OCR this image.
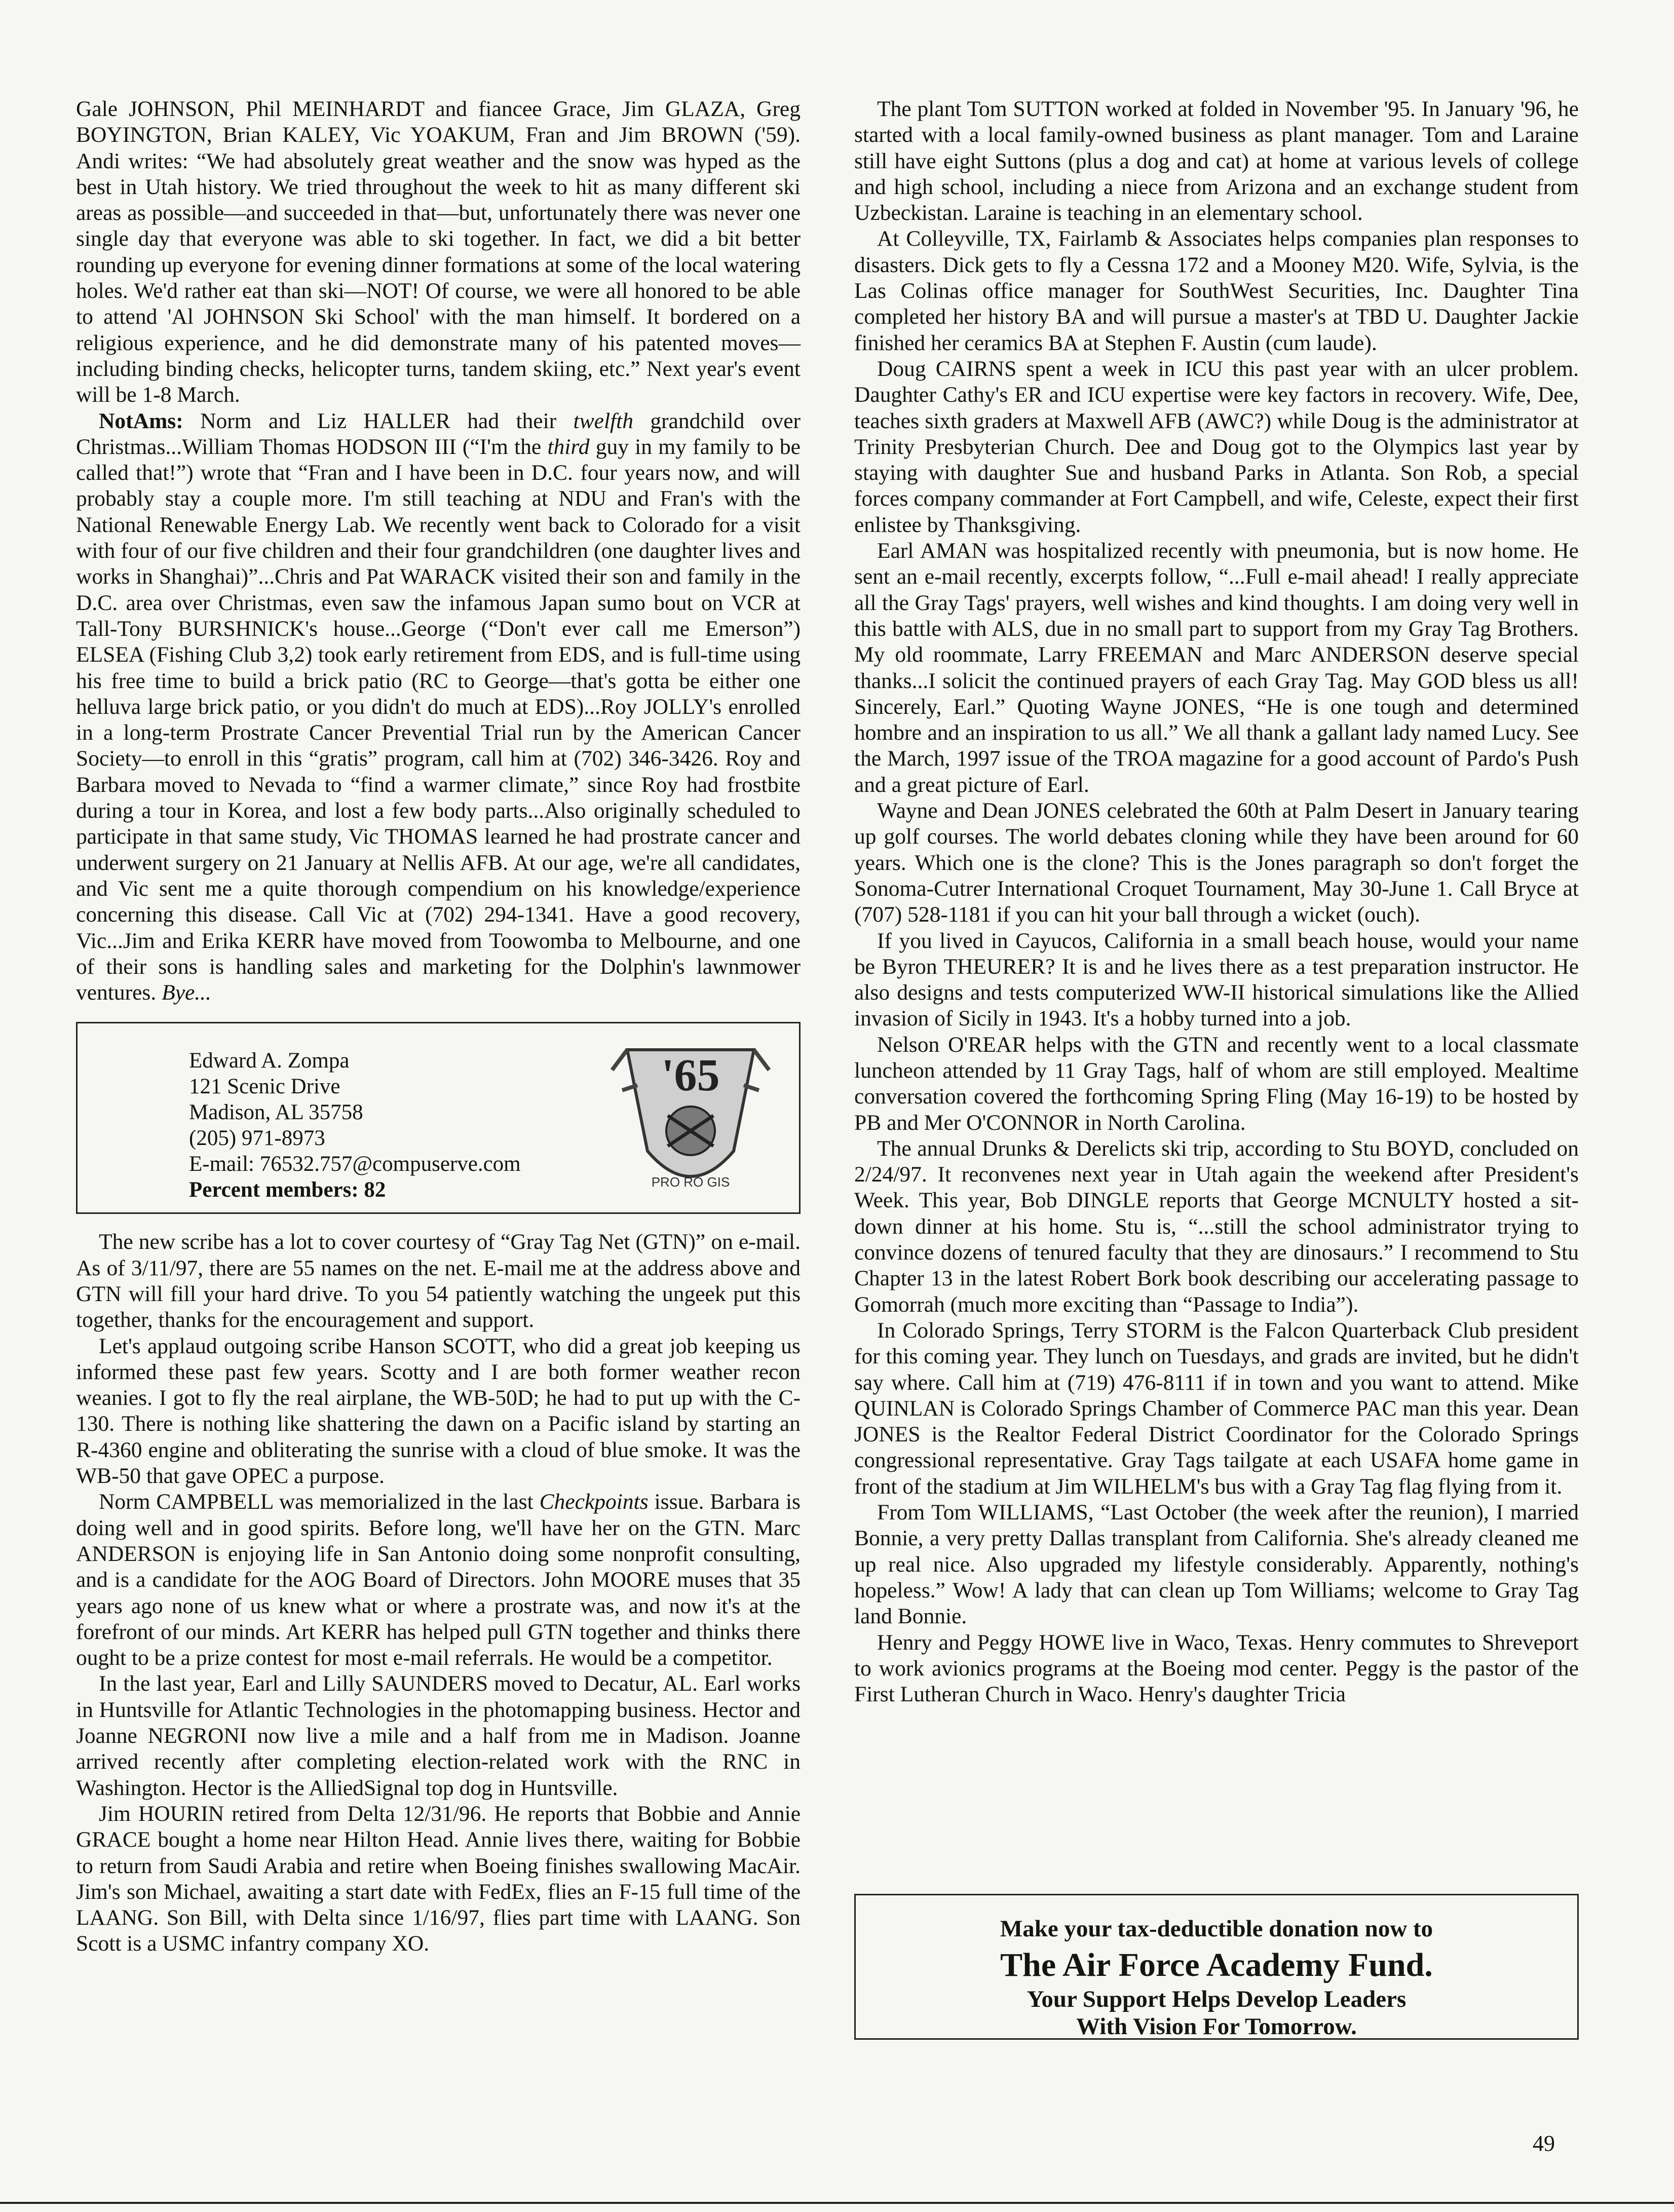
Gale JOHNSON, Phil MEINHARDT and fiancee Grace, Jim GLAZA, Greg BOYINGTON, Brian KALEY, Vic YOAKUM, Fran and Jim BROWN ('59). Andi writes: “We had absolutely great weather and the snow was hyped as the best in Utah history. We tried throughout the week to hit as many different ski areas as possible—and succeeded in that—but, unfortunately there was never one single day that everyone was able to ski together. In fact, we did a bit better rounding up everyone for evening dinner formations at some of the local watering holes. We'd rather eat than ski—NOT! Of course, we were all honored to be able to attend 'Al JOHNSON Ski School' with the man himself. It bordered on a religious experience, and he did demonstrate many of his patented moves—including binding checks, helicopter turns, tandem skiing, etc.” Next year's event will be 1-8 March.

NotAms: Norm and Liz HALLER had their twelfth grandchild over Christmas...William Thomas HODSON III (“I'm the third guy in my family to be called that!”) wrote that “Fran and I have been in D.C. four years now, and will probably stay a couple more. I'm still teaching at NDU and Fran's with the National Renewable Energy Lab. We recently went back to Colorado for a visit with four of our five children and their four grandchildren (one daughter lives and works in Shanghai)”...Chris and Pat WARACK visited their son and family in the D.C. area over Christmas, even saw the infamous Japan sumo bout on VCR at Tall-Tony BURSHNICK's house...George (“Don't ever call me Emerson”) ELSEA (Fishing Club 3,2) took early retirement from EDS, and is full-time using his free time to build a brick patio (RC to George—that's gotta be either one helluva large brick patio, or you didn't do much at EDS)...Roy JOLLY's enrolled in a long-term Prostrate Cancer Prevential Trial run by the American Cancer Society—to enroll in this “gratis” program, call him at (702) 346-3426. Roy and Barbara moved to Nevada to “find a warmer climate,” since Roy had frostbite during a tour in Korea, and lost a few body parts...Also originally scheduled to participate in that same study, Vic THOMAS learned he had prostrate cancer and underwent surgery on 21 January at Nellis AFB. At our age, we're all candidates, and Vic sent me a quite thorough compendium on his knowledge/experience concerning this disease. Call Vic at (702) 294-1341. Have a good recovery, Vic...Jim and Erika KERR have moved from Toowomba to Melbourne, and one of their sons is handling sales and marketing for the Dolphin's lawnmower ventures. Bye...

Edward A. Zompa
121 Scenic Drive
Madison, AL 35758
(205) 971-8973
E-mail: 76532.757@compuserve.com
Percent members: 82
'65
PRO RO GIS

The new scribe has a lot to cover courtesy of “Gray Tag Net (GTN)” on e-mail. As of 3/11/97, there are 55 names on the net. E-mail me at the address above and GTN will fill your hard drive. To you 54 patiently watching the ungeek put this together, thanks for the encouragement and support.

Let's applaud outgoing scribe Hanson SCOTT, who did a great job keeping us informed these past few years. Scotty and I are both former weather recon weanies. I got to fly the real airplane, the WB-50D; he had to put up with the C-130. There is nothing like shattering the dawn on a Pacific island by starting an R-4360 engine and obliterating the sunrise with a cloud of blue smoke. It was the WB-50 that gave OPEC a purpose.

Norm CAMPBELL was memorialized in the last Checkpoints issue. Barbara is doing well and in good spirits. Before long, we'll have her on the GTN. Marc ANDERSON is enjoying life in San Antonio doing some nonprofit consulting, and is a candidate for the AOG Board of Directors. John MOORE muses that 35 years ago none of us knew what or where a prostrate was, and now it's at the forefront of our minds. Art KERR has helped pull GTN together and thinks there ought to be a prize contest for most e-mail referrals. He would be a competitor.

In the last year, Earl and Lilly SAUNDERS moved to Decatur, AL. Earl works in Huntsville for Atlantic Technologies in the photomapping business. Hector and Joanne NEGRONI now live a mile and a half from me in Madison. Joanne arrived recently after completing election-related work with the RNC in Washington. Hector is the AlliedSignal top dog in Huntsville.

Jim HOURIN retired from Delta 12/31/96. He reports that Bobbie and Annie GRACE bought a home near Hilton Head. Annie lives there, waiting for Bobbie to return from Saudi Arabia and retire when Boeing finishes swallowing MacAir. Jim's son Michael, awaiting a start date with FedEx, flies an F-15 full time of the LAANG. Son Bill, with Delta since 1/16/97, flies part time with LAANG. Son Scott is a USMC infantry company XO.

The plant Tom SUTTON worked at folded in November '95. In January '96, he started with a local family-owned business as plant manager. Tom and Laraine still have eight Suttons (plus a dog and cat) at home at various levels of college and high school, including a niece from Arizona and an exchange student from Uzbeckistan. Laraine is teaching in an elementary school.

At Colleyville, TX, Fairlamb & Associates helps companies plan responses to disasters. Dick gets to fly a Cessna 172 and a Mooney M20. Wife, Sylvia, is the Las Colinas office manager for SouthWest Securities, Inc. Daughter Tina completed her history BA and will pursue a master's at TBD U. Daughter Jackie finished her ceramics BA at Stephen F. Austin (cum laude).

Doug CAIRNS spent a week in ICU this past year with an ulcer problem. Daughter Cathy's ER and ICU expertise were key factors in recovery. Wife, Dee, teaches sixth graders at Maxwell AFB (AWC?) while Doug is the administrator at Trinity Presbyterian Church. Dee and Doug got to the Olympics last year by staying with daughter Sue and husband Parks in Atlanta. Son Rob, a special forces company commander at Fort Campbell, and wife, Celeste, expect their first enlistee by Thanksgiving.

Earl AMAN was hospitalized recently with pneumonia, but is now home. He sent an e-mail recently, excerpts follow, “...Full e-mail ahead! I really appreciate all the Gray Tags' prayers, well wishes and kind thoughts. I am doing very well in this battle with ALS, due in no small part to support from my Gray Tag Brothers. My old roommate, Larry FREEMAN and Marc ANDERSON deserve special thanks...I solicit the continued prayers of each Gray Tag. May GOD bless us all! Sincerely, Earl.” Quoting Wayne JONES, “He is one tough and determined hombre and an inspiration to us all.” We all thank a gallant lady named Lucy. See the March, 1997 issue of the TROA magazine for a good account of Pardo's Push and a great picture of Earl.

Wayne and Dean JONES celebrated the 60th at Palm Desert in January tearing up golf courses. The world debates cloning while they have been around for 60 years. Which one is the clone? This is the Jones paragraph so don't forget the Sonoma-Cutrer International Croquet Tournament, May 30-June 1. Call Bryce at (707) 528-1181 if you can hit your ball through a wicket (ouch).

If you lived in Cayucos, California in a small beach house, would your name be Byron THEURER? It is and he lives there as a test preparation instructor. He also designs and tests computerized WW-II historical simulations like the Allied invasion of Sicily in 1943. It's a hobby turned into a job.

Nelson O'REAR helps with the GTN and recently went to a local classmate luncheon attended by 11 Gray Tags, half of whom are still employed. Mealtime conversation covered the forthcoming Spring Fling (May 16-19) to be hosted by PB and Mer O'CONNOR in North Carolina.

The annual Drunks & Derelicts ski trip, according to Stu BOYD, concluded on 2/24/97. It reconvenes next year in Utah again the weekend after President's Week. This year, Bob DINGLE reports that George MCNULTY hosted a sit-down dinner at his home. Stu is, “...still the school administrator trying to convince dozens of tenured faculty that they are dinosaurs.” I recommend to Stu Chapter 13 in the latest Robert Bork book describing our accelerating passage to Gomorrah (much more exciting than “Passage to India”).

In Colorado Springs, Terry STORM is the Falcon Quarterback Club president for this coming year. They lunch on Tuesdays, and grads are invited, but he didn't say where. Call him at (719) 476-8111 if in town and you want to attend. Mike QUINLAN is Colorado Springs Chamber of Commerce PAC man this year. Dean JONES is the Realtor Federal District Coordinator for the Colorado Springs congressional representative. Gray Tags tailgate at each USAFA home game in front of the stadium at Jim WILHELM's bus with a Gray Tag flag flying from it.

From Tom WILLIAMS, “Last October (the week after the reunion), I married Bonnie, a very pretty Dallas transplant from California. She's already cleaned me up real nice. Also upgraded my lifestyle considerably. Apparently, nothing's hopeless.” Wow! A lady that can clean up Tom Williams; welcome to Gray Tag land Bonnie.

Henry and Peggy HOWE live in Waco, Texas. Henry commutes to Shreveport to work avionics programs at the Boeing mod center. Peggy is the pastor of the First Lutheran Church in Waco. Henry's daughter Tricia

Make your tax-deductible donation now to
The Air Force Academy Fund.
Your Support Helps Develop Leaders
With Vision For Tomorrow.
49
